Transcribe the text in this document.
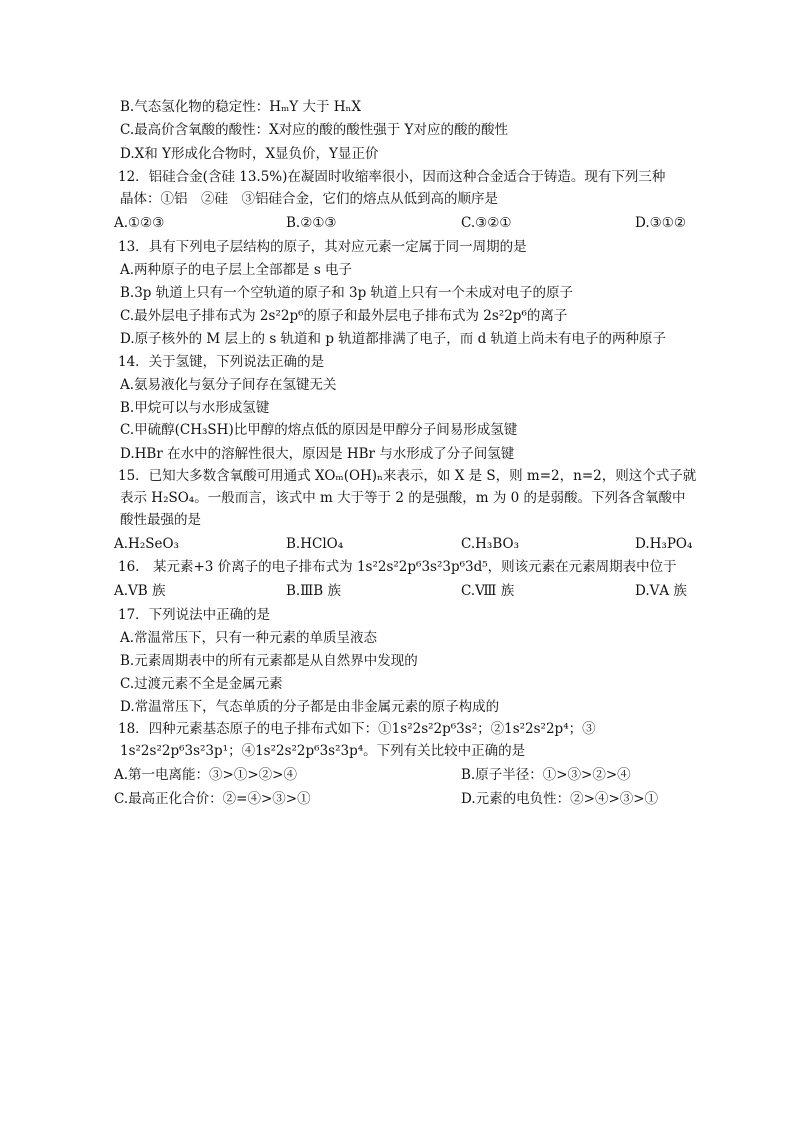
B.气态氢化物的稳定性：HₘY 大于 HₙX
C.最高价含氧酸的酸性：X对应的酸的酸性强于 Y对应的酸的酸性
D.X和 Y形成化合物时，X显负价，Y显正价
12．铝硅合金(含硅 13.5%)在凝固时收缩率很小，因而这种合金适合于铸造。现有下列三种
晶体：①铝　②硅　③铝硅合金，它们的熔点从低到高的顺序是
A.①②③	B.②①③	C.③②①	D.③①②
13．具有下列电子层结构的原子，其对应元素一定属于同一周期的是
A.两种原子的电子层上全部都是 s 电子
B.3p 轨道上只有一个空轨道的原子和 3p 轨道上只有一个未成对电子的原子
C.最外层电子排布式为 2s²2p⁶的原子和最外层电子排布式为 2s²2p⁶的离子
D.原子核外的 M 层上的 s 轨道和 p 轨道都排满了电子，而 d 轨道上尚未有电子的两种原子
14．关于氢键，下列说法正确的是
A.氨易液化与氨分子间存在氢键无关
B.甲烷可以与水形成氢键
C.甲硫醇(CH₃SH)比甲醇的熔点低的原因是甲醇分子间易形成氢键
D.HBr 在水中的溶解性很大，原因是 HBr 与水形成了分子间氢键
15．已知大多数含氧酸可用通式 XOₘ(OH)ₙ来表示，如 X 是 S，则 m=2，n=2，则这个式子就
表示 H₂SO₄。一般而言，该式中 m 大于等于 2 的是强酸，m 为 0 的是弱酸。下列各含氧酸中
酸性最强的是
A.H₂SeO₃	B.HClO₄	C.H₃BO₃	D.H₃PO₄
16.　某元素+3 价离子的电子排布式为 1s²2s²2p⁶3s²3p⁶3d⁵，则该元素在元素周期表中位于
A.ⅤB 族	B.ⅢB 族	C.Ⅷ 族	D.ⅤA 族
17．下列说法中正确的是
A.常温常压下，只有一种元素的单质呈液态
B.元素周期表中的所有元素都是从自然界中发现的
C.过渡元素不全是金属元素
D.常温常压下，气态单质的分子都是由非金属元素的原子构成的
18．四种元素基态原子的电子排布式如下：①1s²2s²2p⁶3s²；②1s²2s²2p⁴；③
1s²2s²2p⁶3s²3p¹；④1s²2s²2p⁶3s²3p⁴。下列有关比较中正确的是
A.第一电离能：③>①>②>④	B.原子半径：①>③>②>④
C.最高正化合价：②=④>③>①	D.元素的电负性：②>④>③>①
